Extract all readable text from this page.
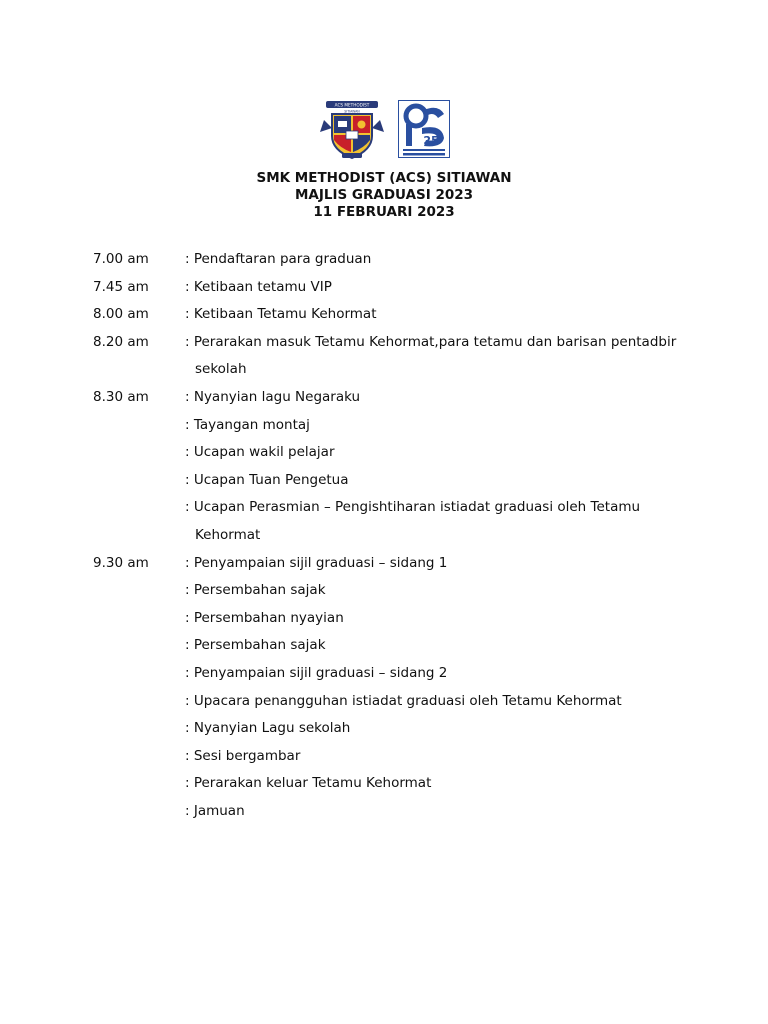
ACS METHODIST
SITIAWAN
25
SMK METHODIST (ACS) SITIAWAN
MAJLIS GRADUASI 2023
11 FEBRUARI 2023
7.00 am	: Pendaftaran para graduan
7.45 am	: Ketibaan tetamu VIP
8.00 am	: Ketibaan Tetamu Kehormat
8.20 am	: Perarakan masuk Tetamu Kehormat,para tetamu dan barisan pentadbir
sekolah
8.30 am	: Nyanyian lagu Negaraku
: Tayangan montaj
: Ucapan wakil pelajar
: Ucapan Tuan Pengetua
: Ucapan Perasmian – Pengishtiharan istiadat graduasi oleh Tetamu
Kehormat
9.30 am	: Penyampaian sijil graduasi – sidang 1
: Persembahan sajak
: Persembahan nyayian
: Persembahan sajak
: Penyampaian sijil graduasi – sidang 2
: Upacara penangguhan istiadat graduasi oleh Tetamu Kehormat
: Nyanyian Lagu sekolah
: Sesi bergambar
: Perarakan keluar Tetamu Kehormat
: Jamuan
